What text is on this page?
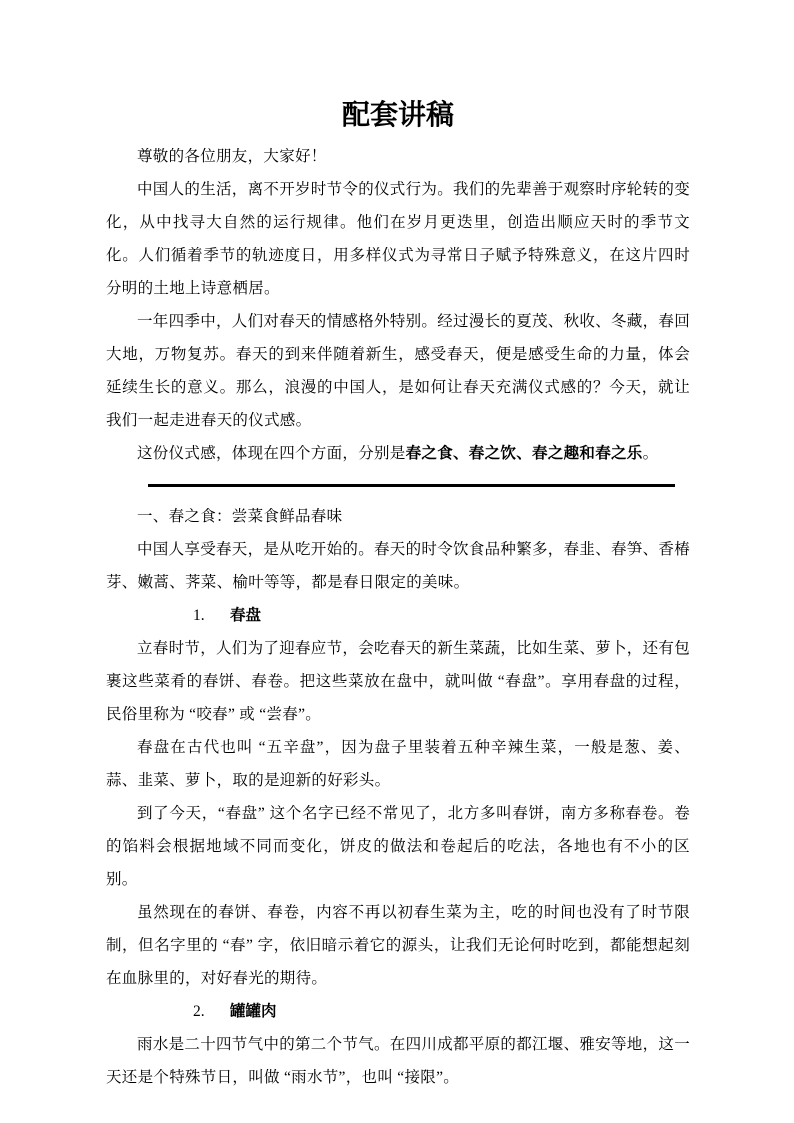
配套讲稿

尊敬的各位朋友，大家好！

中国人的生活，离不开岁时节令的仪式行为。我们的先辈善于观察时序轮转的变化，从中找寻大自然的运行规律。他们在岁月更迭里，创造出顺应天时的季节文化。人们循着季节的轨迹度日，用多样仪式为寻常日子赋予特殊意义，在这片四时分明的土地上诗意栖居。

一年四季中，人们对春天的情感格外特别。经过漫长的夏茂、秋收、冬藏，春回大地，万物复苏。春天的到来伴随着新生，感受春天，便是感受生命的力量，体会延续生长的意义。那么，浪漫的中国人，是如何让春天充满仪式感的？今天，就让我们一起走进春天的仪式感。

这份仪式感，体现在四个方面，分别是春之食、春之饮、春之趣和春之乐。

一、春之食：尝菜食鲜品春味

中国人享受春天，是从吃开始的。春天的时令饮食品种繁多，春韭、春笋、香椿芽、嫩蒿、荠菜、榆叶等等，都是春日限定的美味。

1. 春盘

立春时节，人们为了迎春应节，会吃春天的新生菜蔬，比如生菜、萝卜，还有包裹这些菜肴的春饼、春卷。把这些菜放在盘中，就叫做 “春盘”。享用春盘的过程，民俗里称为 “咬春” 或 “尝春”。

春盘在古代也叫 “五辛盘”，因为盘子里装着五种辛辣生菜，一般是葱、姜、蒜、韭菜、萝卜，取的是迎新的好彩头。

到了今天，“春盘” 这个名字已经不常见了，北方多叫春饼，南方多称春卷。卷的馅料会根据地域不同而变化，饼皮的做法和卷起后的吃法，各地也有不小的区别。

虽然现在的春饼、春卷，内容不再以初春生菜为主，吃的时间也没有了时节限制，但名字里的 “春” 字，依旧暗示着它的源头，让我们无论何时吃到，都能想起刻在血脉里的，对好春光的期待。

2. 罐罐肉

雨水是二十四节气中的第二个节气。在四川成都平原的都江堰、雅安等地，这一天还是个特殊节日，叫做 “雨水节”，也叫 “接限”。
